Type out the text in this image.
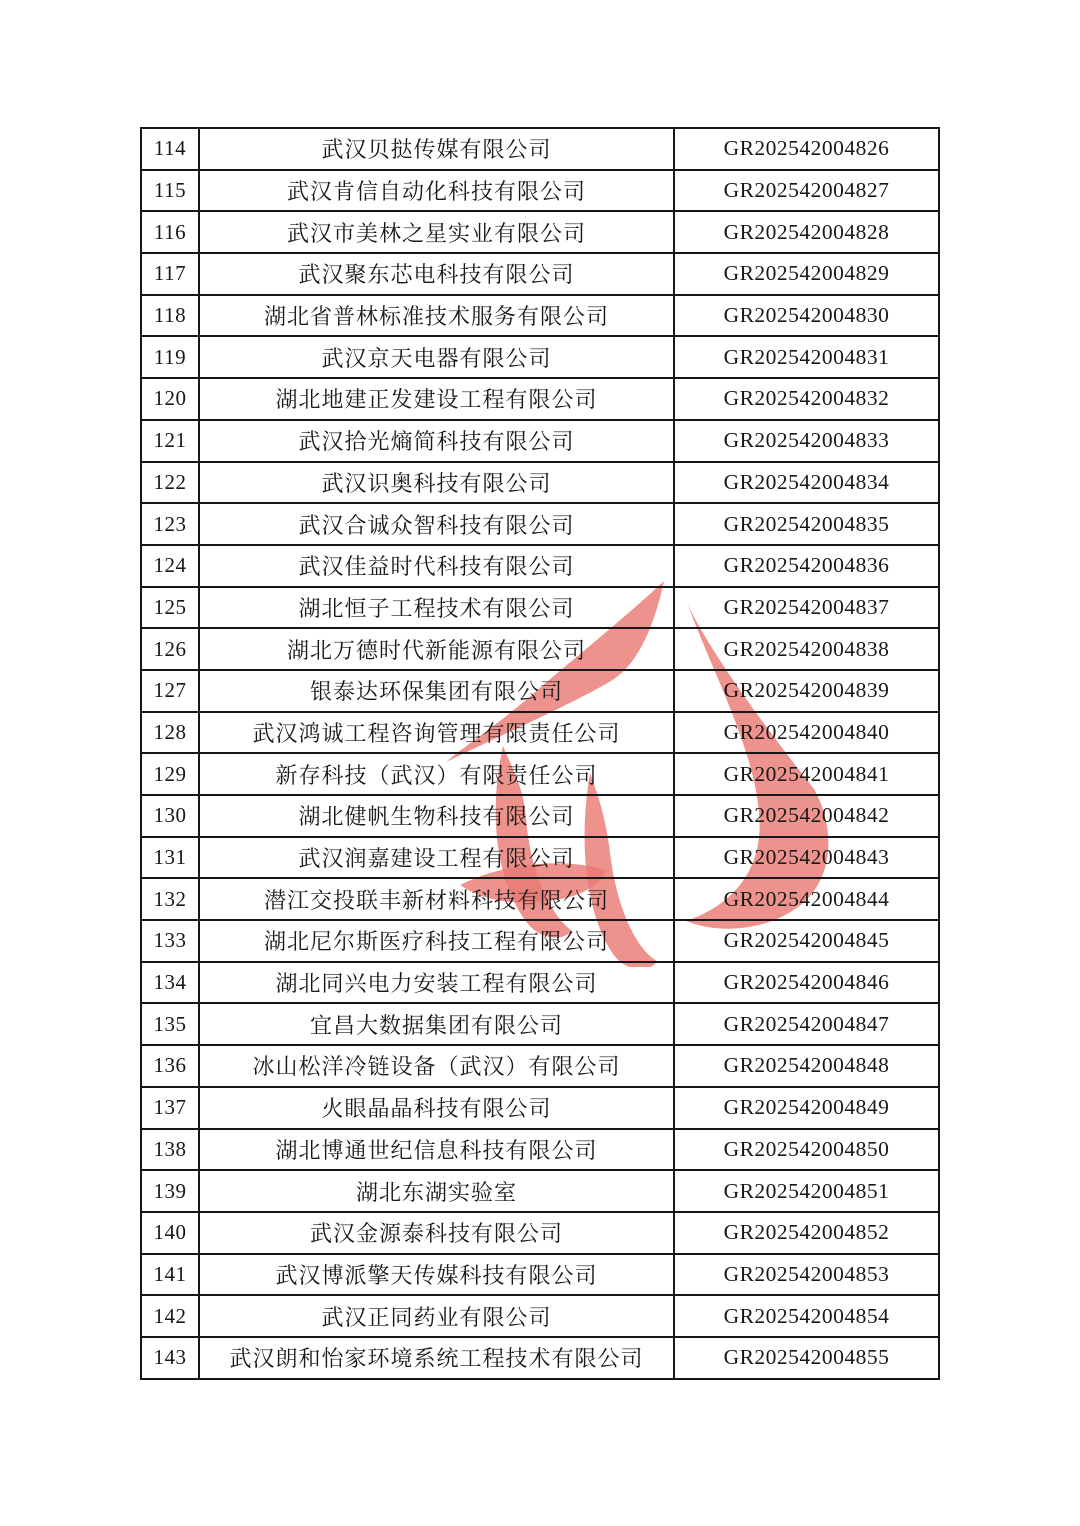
114	武汉贝挞传媒有限公司	GR202542004826
115	武汉肯信自动化科技有限公司	GR202542004827
116	武汉市美林之星实业有限公司	GR202542004828
117	武汉聚东芯电科技有限公司	GR202542004829
118	湖北省普林标准技术服务有限公司	GR202542004830
119	武汉京天电器有限公司	GR202542004831
120	湖北地建正发建设工程有限公司	GR202542004832
121	武汉拾光熵简科技有限公司	GR202542004833
122	武汉识奥科技有限公司	GR202542004834
123	武汉合诚众智科技有限公司	GR202542004835
124	武汉佳益时代科技有限公司	GR202542004836
125	湖北恒子工程技术有限公司	GR202542004837
126	湖北万德时代新能源有限公司	GR202542004838
127	银泰达环保集团有限公司	GR202542004839
128	武汉鸿诚工程咨询管理有限责任公司	GR202542004840
129	新存科技（武汉）有限责任公司	GR202542004841
130	湖北健帆生物科技有限公司	GR202542004842
131	武汉润嘉建设工程有限公司	GR202542004843
132	潜江交投联丰新材料科技有限公司	GR202542004844
133	湖北尼尔斯医疗科技工程有限公司	GR202542004845
134	湖北同兴电力安装工程有限公司	GR202542004846
135	宜昌大数据集团有限公司	GR202542004847
136	冰山松洋冷链设备（武汉）有限公司	GR202542004848
137	火眼晶晶科技有限公司	GR202542004849
138	湖北博通世纪信息科技有限公司	GR202542004850
139	湖北东湖实验室	GR202542004851
140	武汉金源泰科技有限公司	GR202542004852
141	武汉博派擎天传媒科技有限公司	GR202542004853
142	武汉正同药业有限公司	GR202542004854
143	武汉朗和怡家环境系统工程技术有限公司	GR202542004855
